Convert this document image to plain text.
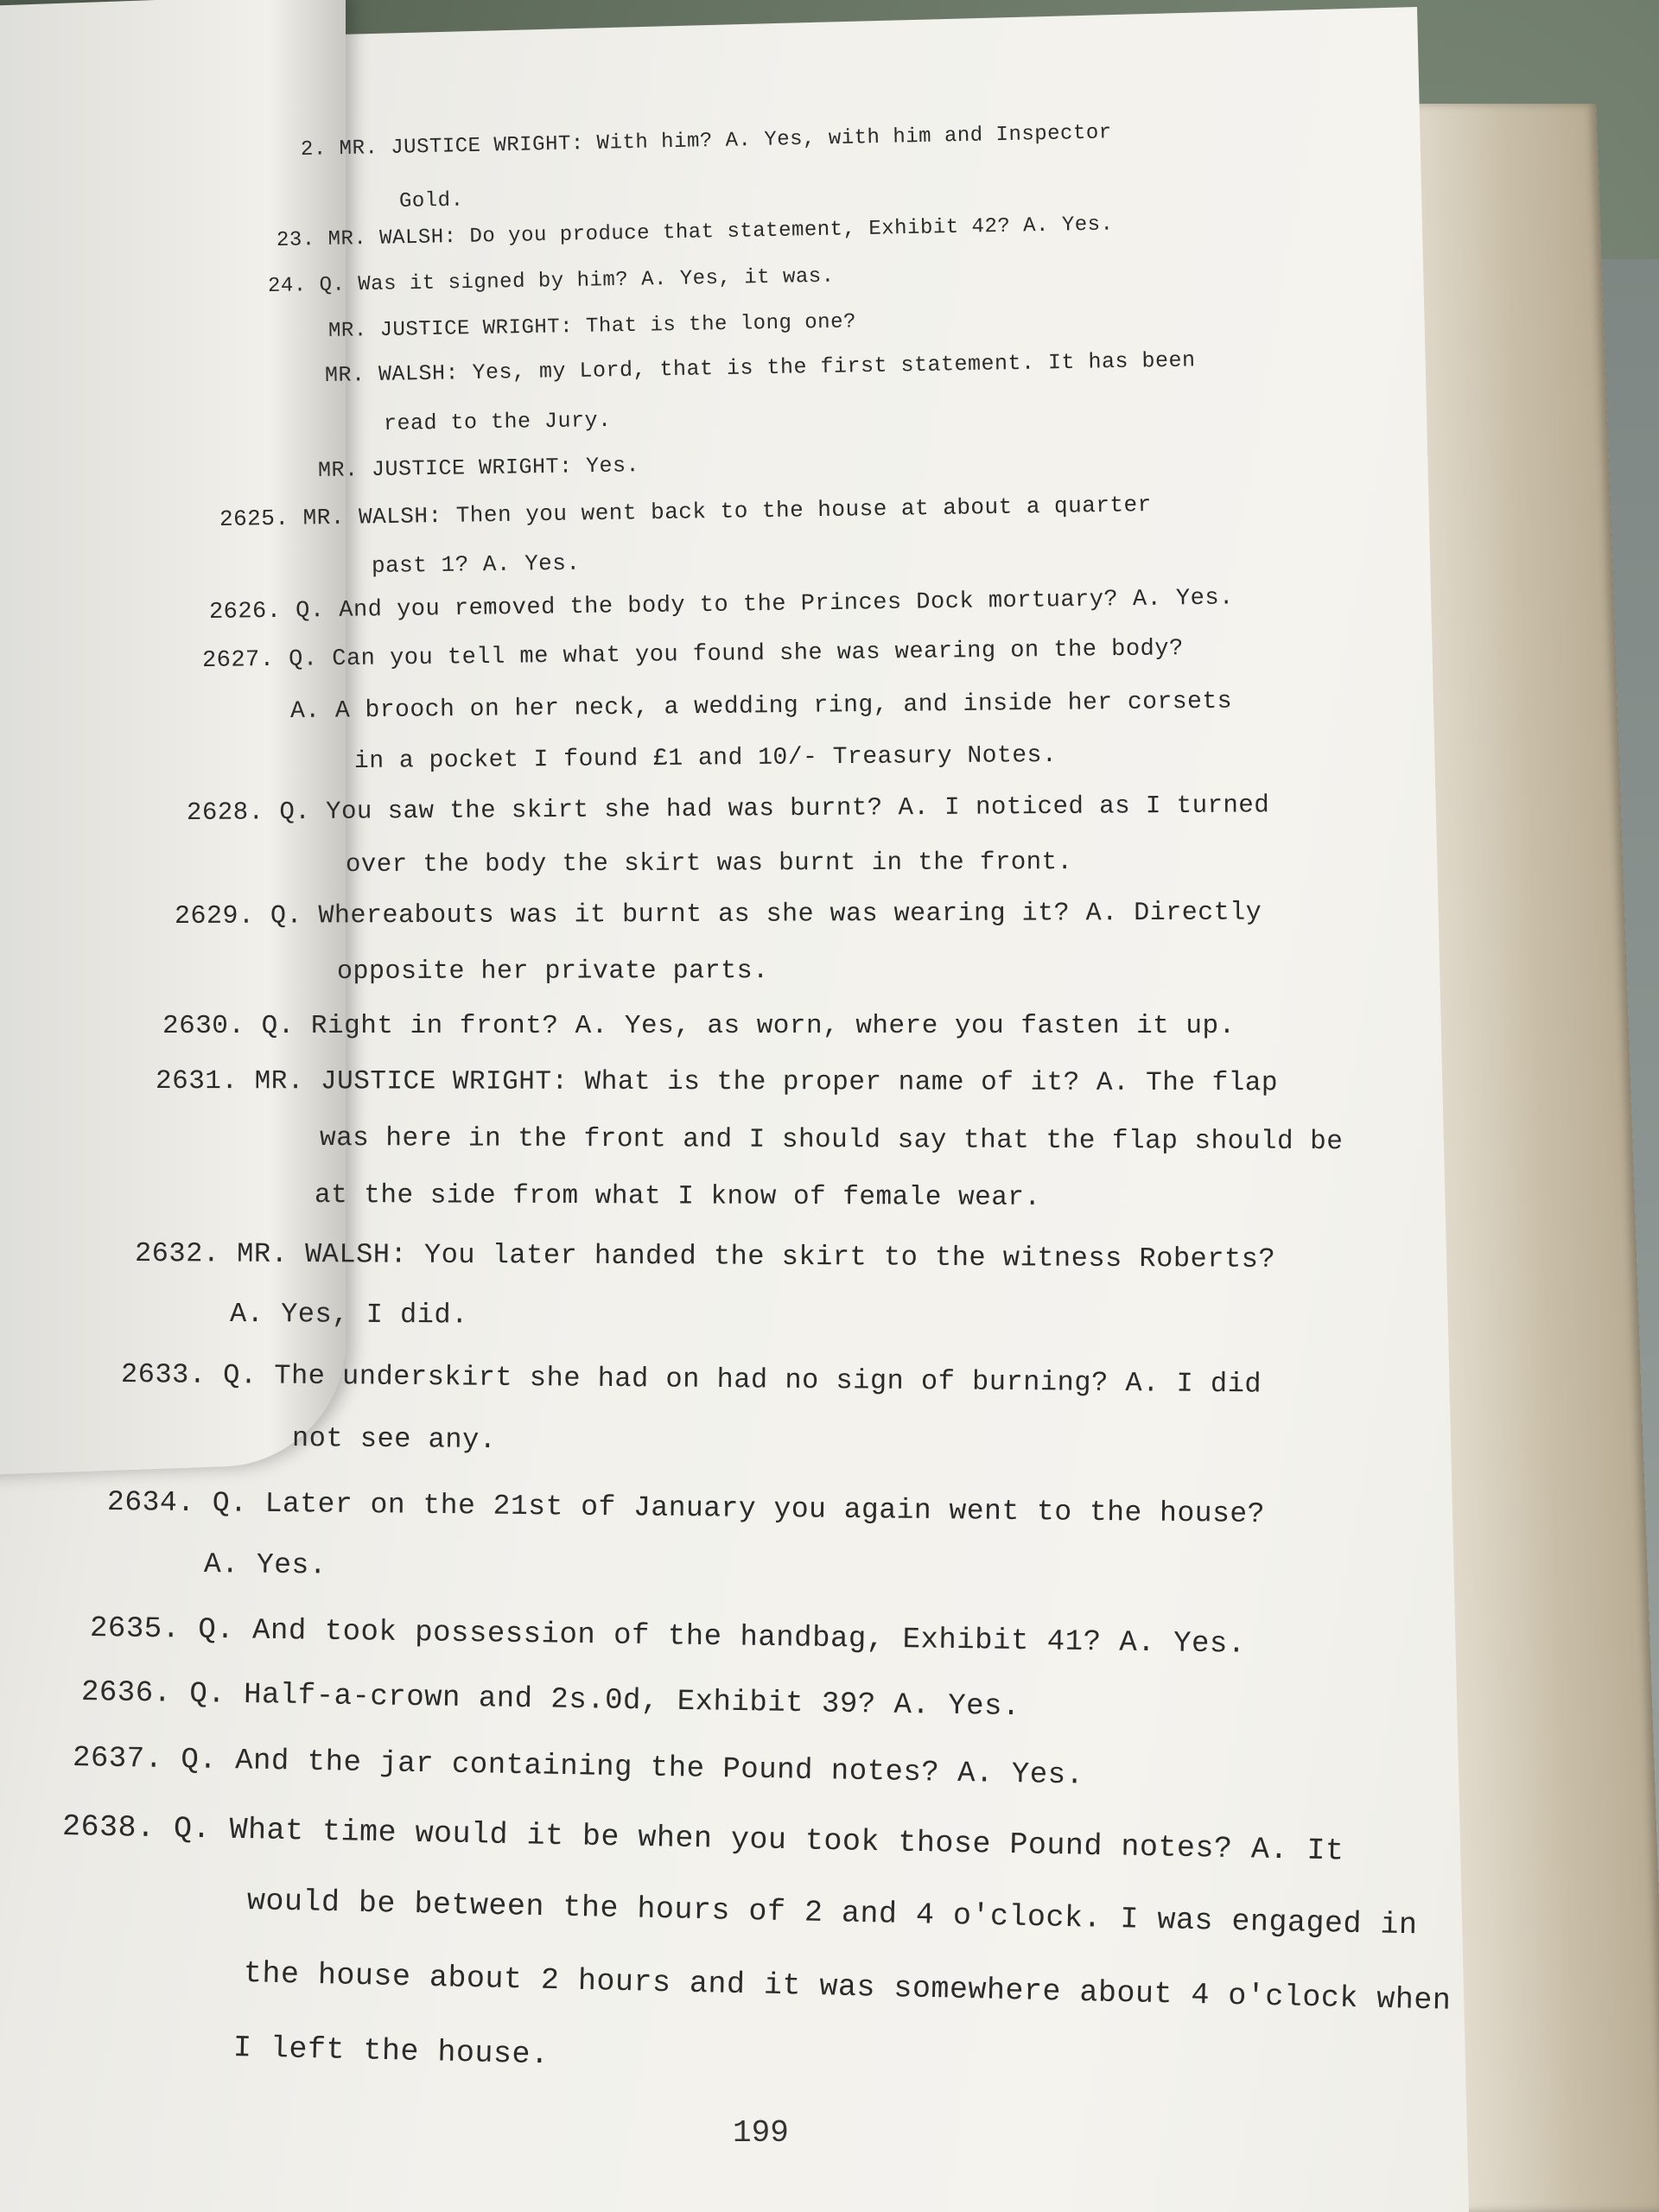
2. MR. JUSTICE WRIGHT: With him? A. Yes, with him and Inspector
Gold.
23. MR. WALSH: Do you produce that statement, Exhibit 42? A. Yes.
24. Q. Was it signed by him? A. Yes, it was.
MR. JUSTICE WRIGHT: That is the long one?
MR. WALSH: Yes, my Lord, that is the first statement. It has been
read to the Jury.
MR. JUSTICE WRIGHT: Yes.
2625. MR. WALSH: Then you went back to the house at about a quarter
past 1? A. Yes.
2626. Q. And you removed the body to the Princes Dock mortuary? A. Yes.
2627. Q. Can you tell me what you found she was wearing on the body?
A. A brooch on her neck, a wedding ring, and inside her corsets
in a pocket I found £1 and 10/- Treasury Notes.
2628. Q. You saw the skirt she had was burnt? A. I noticed as I turned
over the body the skirt was burnt in the front.
2629. Q. Whereabouts was it burnt as she was wearing it? A. Directly
opposite her private parts.
2630. Q. Right in front? A. Yes, as worn, where you fasten it up.
2631. MR. JUSTICE WRIGHT: What is the proper name of it? A. The flap
was here in the front and I should say that the flap should be
at the side from what I know of female wear.
2632. MR. WALSH: You later handed the skirt to the witness Roberts?
A. Yes, I did.
2633. Q. The underskirt she had on had no sign of burning? A. I did
not see any.
2634. Q. Later on the 21st of January you again went to the house?
A. Yes.
2635. Q. And took possession of the handbag, Exhibit 41? A. Yes.
2636. Q. Half-a-crown and 2s.0d, Exhibit 39? A. Yes.
2637. Q. And the jar containing the Pound notes? A. Yes.
2638. Q. What time would it be when you took those Pound notes? A. It
would be between the hours of 2 and 4 o'clock. I was engaged in
the house about 2 hours and it was somewhere about 4 o'clock when
I left the house.
199
